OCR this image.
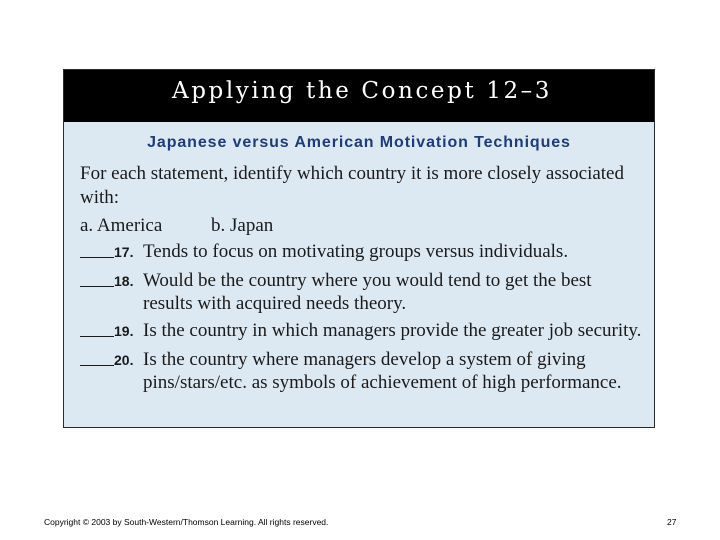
Applying the Concept 12–3
Japanese versus American Motivation Techniques
For each statement, identify which country it is more closely associated
with:
a. America	b. Japan
17. Tends to focus on motivating groups versus individuals.
18. Would be the country where you would tend to get the best
results with acquired needs theory.
19. Is the country in which managers provide the greater job security.
20. Is the country where managers develop a system of giving
pins/stars/etc. as symbols of achievement of high performance.
Copyright © 2003 by South-Western/Thomson Learning. All rights reserved.	27
